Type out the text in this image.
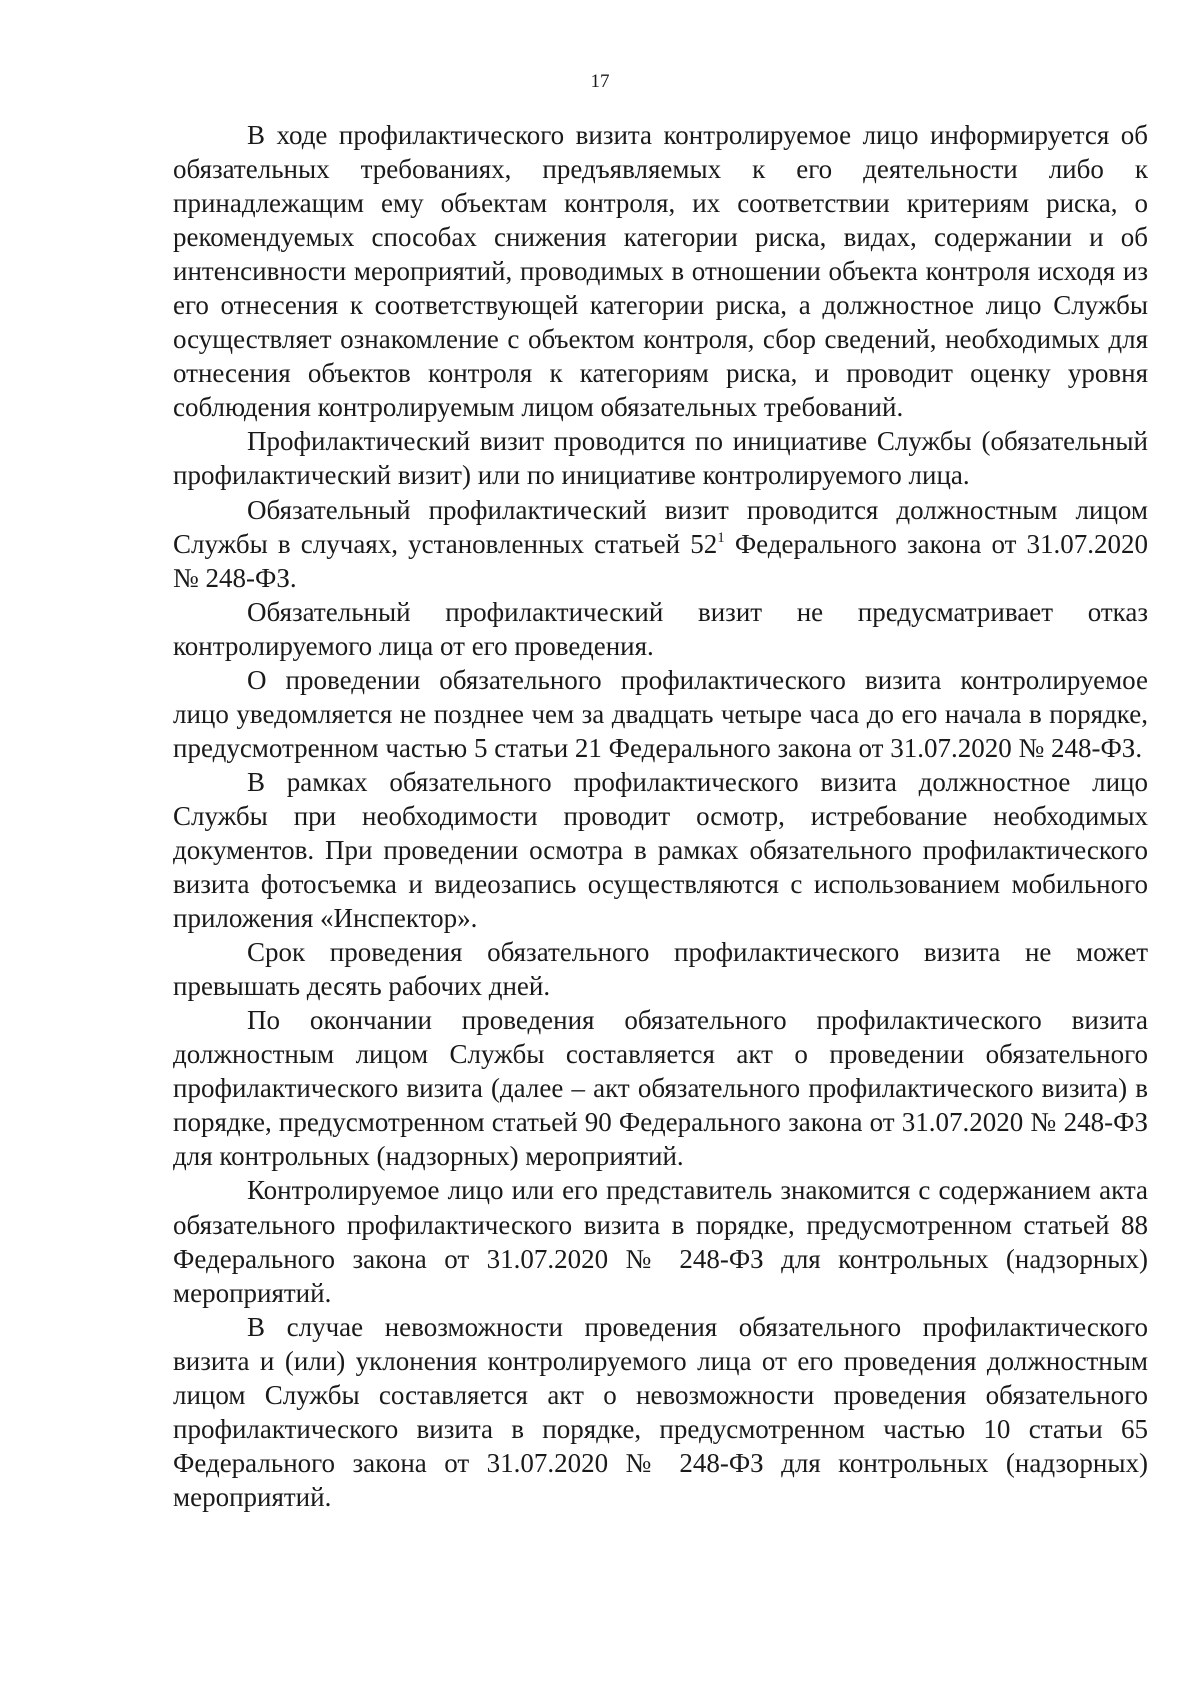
17

В ходе профилактического визита контролируемое лицо информируется об обязательных требованиях, предъявляемых к его деятельности либо к принадлежащим ему объектам контроля, их соответствии критериям риска, о рекомендуемых способах снижения категории риска, видах, содержании и об интенсивности мероприятий, проводимых в отношении объекта контроля исходя из его отнесения к соответствующей категории риска, а должностное лицо Службы осуществляет ознакомление с объектом контроля, сбор сведений, необходимых для отнесения объектов контроля к категориям риска, и проводит оценку уровня соблюдения контролируемым лицом обязательных требований.

Профилактический визит проводится по инициативе Службы (обязательный профилактический визит) или по инициативе контролируемого лица.

Обязательный профилактический визит проводится должностным лицом Службы в случаях, установленных статьей $52^1$ Федерального закона от 31.07.2020 № 248-ФЗ.

Обязательный профилактический визит не предусматривает отказ контролируемого лица от его проведения.

О проведении обязательного профилактического визита контролируемое лицо уведомляется не позднее чем за двадцать четыре часа до его начала в порядке, предусмотренном частью 5 статьи 21 Федерального закона от 31.07.2020 № 248-ФЗ.

В рамках обязательного профилактического визита должностное лицо Службы при необходимости проводит осмотр, истребование необходимых документов. При проведении осмотра в рамках обязательного профилактического визита фотосъемка и видеозапись осуществляются с использованием мобильного приложения «Инспектор».

Срок проведения обязательного профилактического визита не может превышать десять рабочих дней.

По окончании проведения обязательного профилактического визита должностным лицом Службы составляется акт о проведении обязательного профилактического визита (далее – акт обязательного профилактического визита) в порядке, предусмотренном статьей 90 Федерального закона от 31.07.2020 № 248-ФЗ для контрольных (надзорных) мероприятий.

Контролируемое лицо или его представитель знакомится с содержанием акта обязательного профилактического визита в порядке, предусмотренном статьей 88 Федерального закона от 31.07.2020 № 248-ФЗ для контрольных (надзорных) мероприятий.

В случае невозможности проведения обязательного профилактического визита и (или) уклонения контролируемого лица от его проведения должностным лицом Службы составляется акт о невозможности проведения обязательного профилактического визита в порядке, предусмотренном частью 10 статьи 65 Федерального закона от 31.07.2020 № 248-ФЗ для контрольных (надзорных) мероприятий.
